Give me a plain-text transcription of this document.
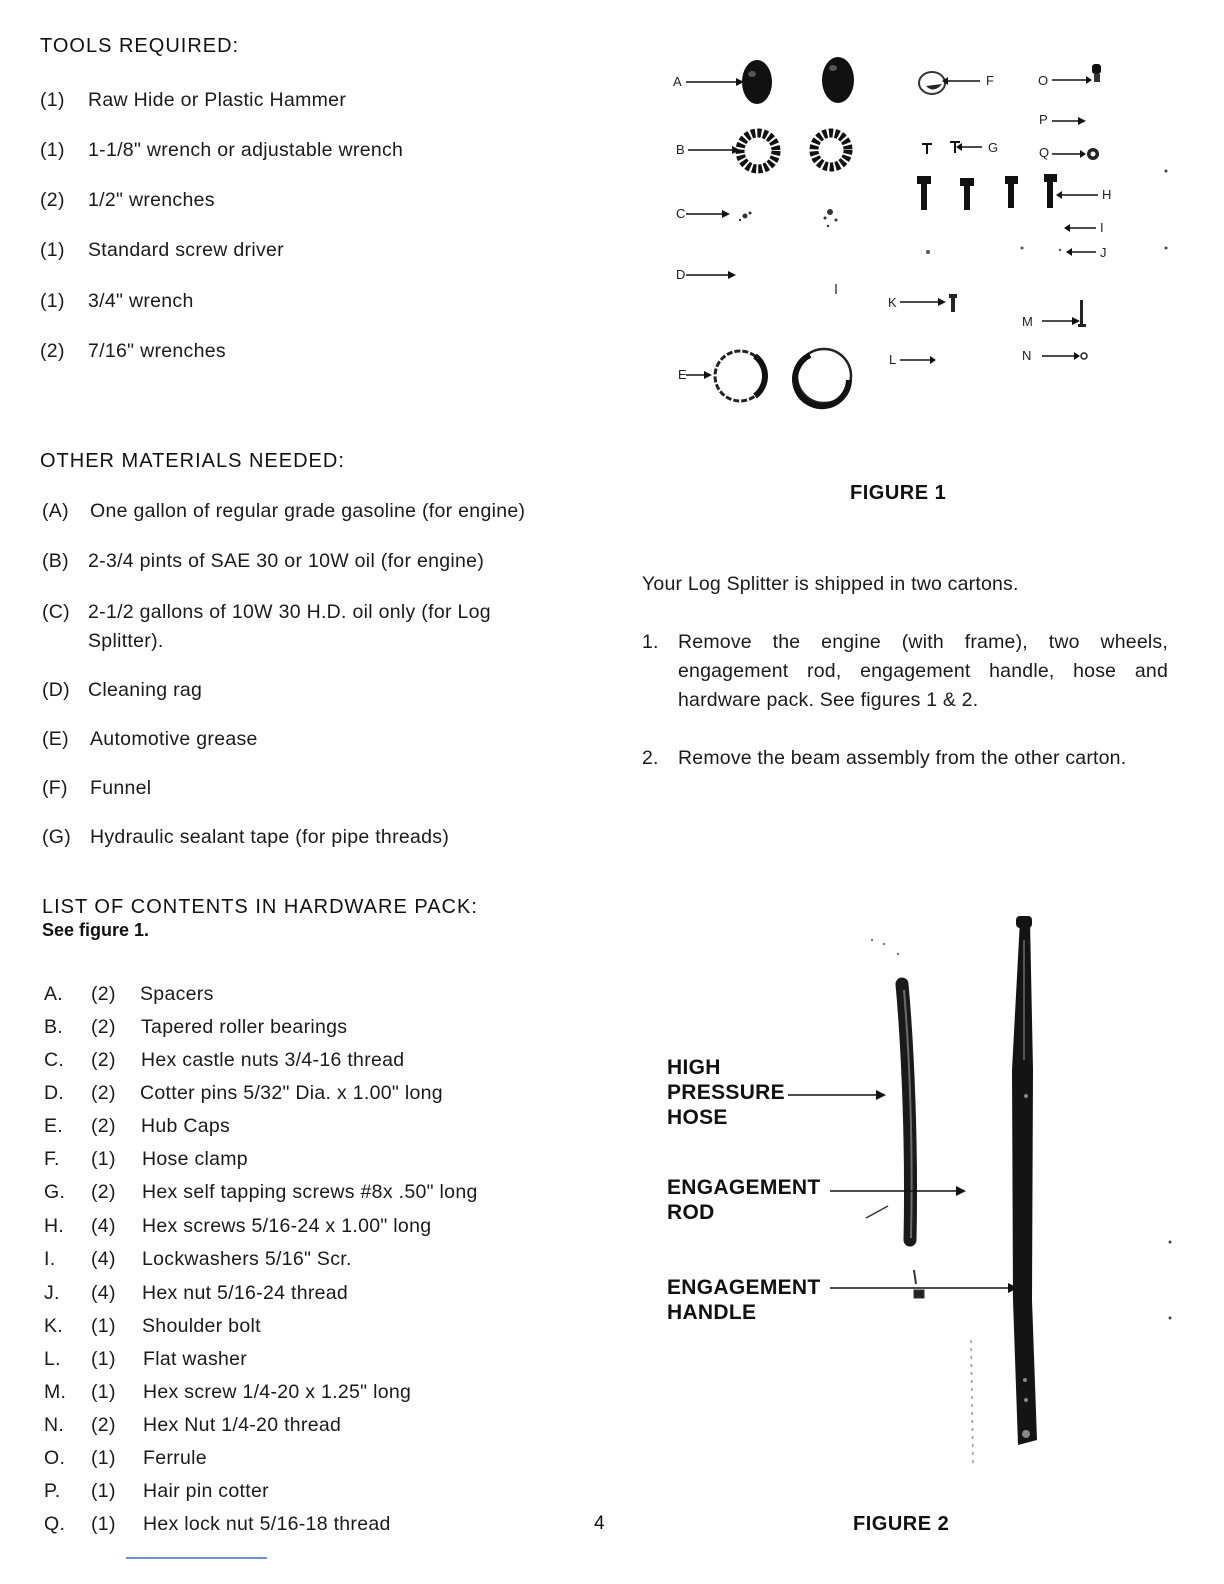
TOOLS REQUIRED:
(1) Raw Hide or Plastic Hammer
(1) 1-1/8" wrench or adjustable wrench
(2) 1/2" wrenches
(1) Standard screw driver
(1) 3/4" wrench
(2) 7/16" wrenches
OTHER MATERIALS NEEDED:
(A) One gallon of regular grade gasoline (for engine)
(B) 2-3/4 pints of SAE 30 or 10W oil (for engine)
(C) 2-1/2 gallons of 10W 30 H.D. oil only (for Log
Splitter).
(D) Cleaning rag
(E) Automotive grease
(F) Funnel
(G) Hydraulic sealant tape (for pipe threads)
LIST OF CONTENTS IN HARDWARE PACK:
See figure 1.
A. (2) Spacers
B. (2) Tapered roller bearings
C. (2) Hex castle nuts 3/4-16 thread
D. (2) Cotter pins 5/32" Dia. x 1.00" long
E. (2) Hub Caps
F. (1) Hose clamp
G. (2) Hex self tapping screws #8x .50" long
H. (4) Hex screws 5/16-24 x 1.00" long
I. (4) Lockwashers 5/16" Scr.
J. (4) Hex nut 5/16-24 thread
K. (1) Shoulder bolt
L. (1) Flat washer
M. (1) Hex screw 1/4-20 x 1.25" long
N. (2) Hex Nut 1/4-20 thread
O. (1) Ferrule
P. (1) Hair pin cotter
Q. (1) Hex lock nut 5/16-18 thread	4
A
B
C
D
E
F
G
H
I
J
K
L
M
N
O
P
Q
FIGURE 1
Your Log Splitter is shipped in two cartons.
1. Remove the engine (with frame), two wheels, engagement rod, engagement handle, hose and hardware pack. See figures 1 & 2.
2. Remove the beam assembly from the other carton.
HIGH
PRESSURE
HOSE
ENGAGEMENT
ROD
ENGAGEMENT
HANDLE
FIGURE 2
